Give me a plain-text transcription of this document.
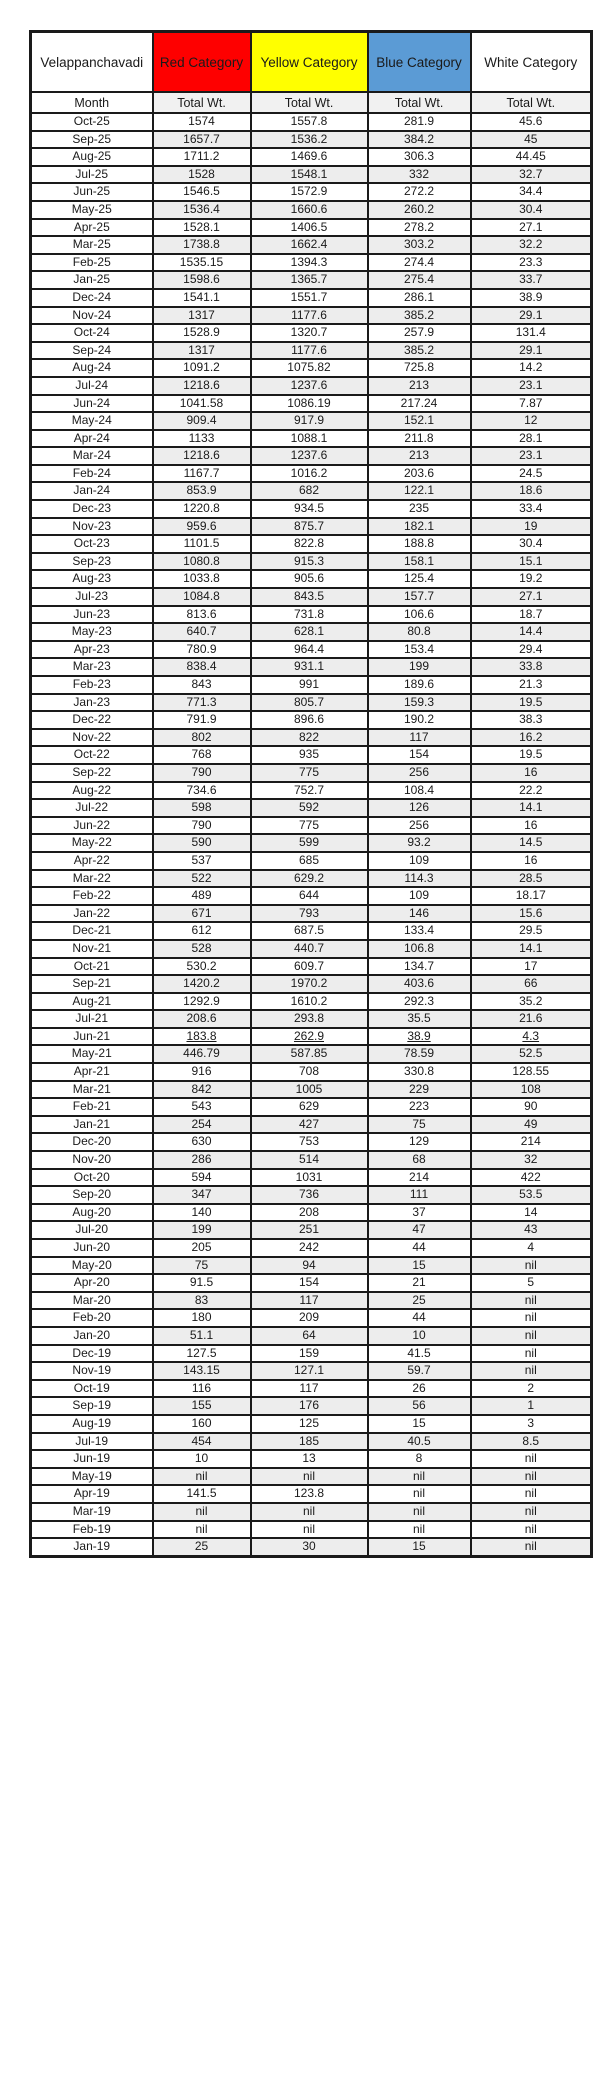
Velappanchavadi	Red Category	Yellow Category	Blue Category	White Category
Month	Total Wt.	Total Wt.	Total Wt.	Total Wt.
Oct-25	1574	1557.8	281.9	45.6
Sep-25	1657.7	1536.2	384.2	45
Aug-25	1711.2	1469.6	306.3	44.45
Jul-25	1528	1548.1	332	32.7
Jun-25	1546.5	1572.9	272.2	34.4
May-25	1536.4	1660.6	260.2	30.4
Apr-25	1528.1	1406.5	278.2	27.1
Mar-25	1738.8	1662.4	303.2	32.2
Feb-25	1535.15	1394.3	274.4	23.3
Jan-25	1598.6	1365.7	275.4	33.7
Dec-24	1541.1	1551.7	286.1	38.9
Nov-24	1317	1177.6	385.2	29.1
Oct-24	1528.9	1320.7	257.9	131.4
Sep-24	1317	1177.6	385.2	29.1
Aug-24	1091.2	1075.82	725.8	14.2
Jul-24	1218.6	1237.6	213	23.1
Jun-24	1041.58	1086.19	217.24	7.87
May-24	909.4	917.9	152.1	12
Apr-24	1133	1088.1	211.8	28.1
Mar-24	1218.6	1237.6	213	23.1
Feb-24	1167.7	1016.2	203.6	24.5
Jan-24	853.9	682	122.1	18.6
Dec-23	1220.8	934.5	235	33.4
Nov-23	959.6	875.7	182.1	19
Oct-23	1101.5	822.8	188.8	30.4
Sep-23	1080.8	915.3	158.1	15.1
Aug-23	1033.8	905.6	125.4	19.2
Jul-23	1084.8	843.5	157.7	27.1
Jun-23	813.6	731.8	106.6	18.7
May-23	640.7	628.1	80.8	14.4
Apr-23	780.9	964.4	153.4	29.4
Mar-23	838.4	931.1	199	33.8
Feb-23	843	991	189.6	21.3
Jan-23	771.3	805.7	159.3	19.5
Dec-22	791.9	896.6	190.2	38.3
Nov-22	802	822	117	16.2
Oct-22	768	935	154	19.5
Sep-22	790	775	256	16
Aug-22	734.6	752.7	108.4	22.2
Jul-22	598	592	126	14.1
Jun-22	790	775	256	16
May-22	590	599	93.2	14.5
Apr-22	537	685	109	16
Mar-22	522	629.2	114.3	28.5
Feb-22	489	644	109	18.17
Jan-22	671	793	146	15.6
Dec-21	612	687.5	133.4	29.5
Nov-21	528	440.7	106.8	14.1
Oct-21	530.2	609.7	134.7	17
Sep-21	1420.2	1970.2	403.6	66
Aug-21	1292.9	1610.2	292.3	35.2
Jul-21	208.6	293.8	35.5	21.6
Jun-21	183.8	262.9	38.9	4.3
May-21	446.79	587.85	78.59	52.5
Apr-21	916	708	330.8	128.55
Mar-21	842	1005	229	108
Feb-21	543	629	223	90
Jan-21	254	427	75	49
Dec-20	630	753	129	214
Nov-20	286	514	68	32
Oct-20	594	1031	214	422
Sep-20	347	736	111	53.5
Aug-20	140	208	37	14
Jul-20	199	251	47	43
Jun-20	205	242	44	4
May-20	75	94	15	nil
Apr-20	91.5	154	21	5
Mar-20	83	117	25	nil
Feb-20	180	209	44	nil
Jan-20	51.1	64	10	nil
Dec-19	127.5	159	41.5	nil
Nov-19	143.15	127.1	59.7	nil
Oct-19	116	117	26	2
Sep-19	155	176	56	1
Aug-19	160	125	15	3
Jul-19	454	185	40.5	8.5
Jun-19	10	13	8	nil
May-19	nil	nil	nil	nil
Apr-19	141.5	123.8	nil	nil
Mar-19	nil	nil	nil	nil
Feb-19	nil	nil	nil	nil
Jan-19	25	30	15	nil
